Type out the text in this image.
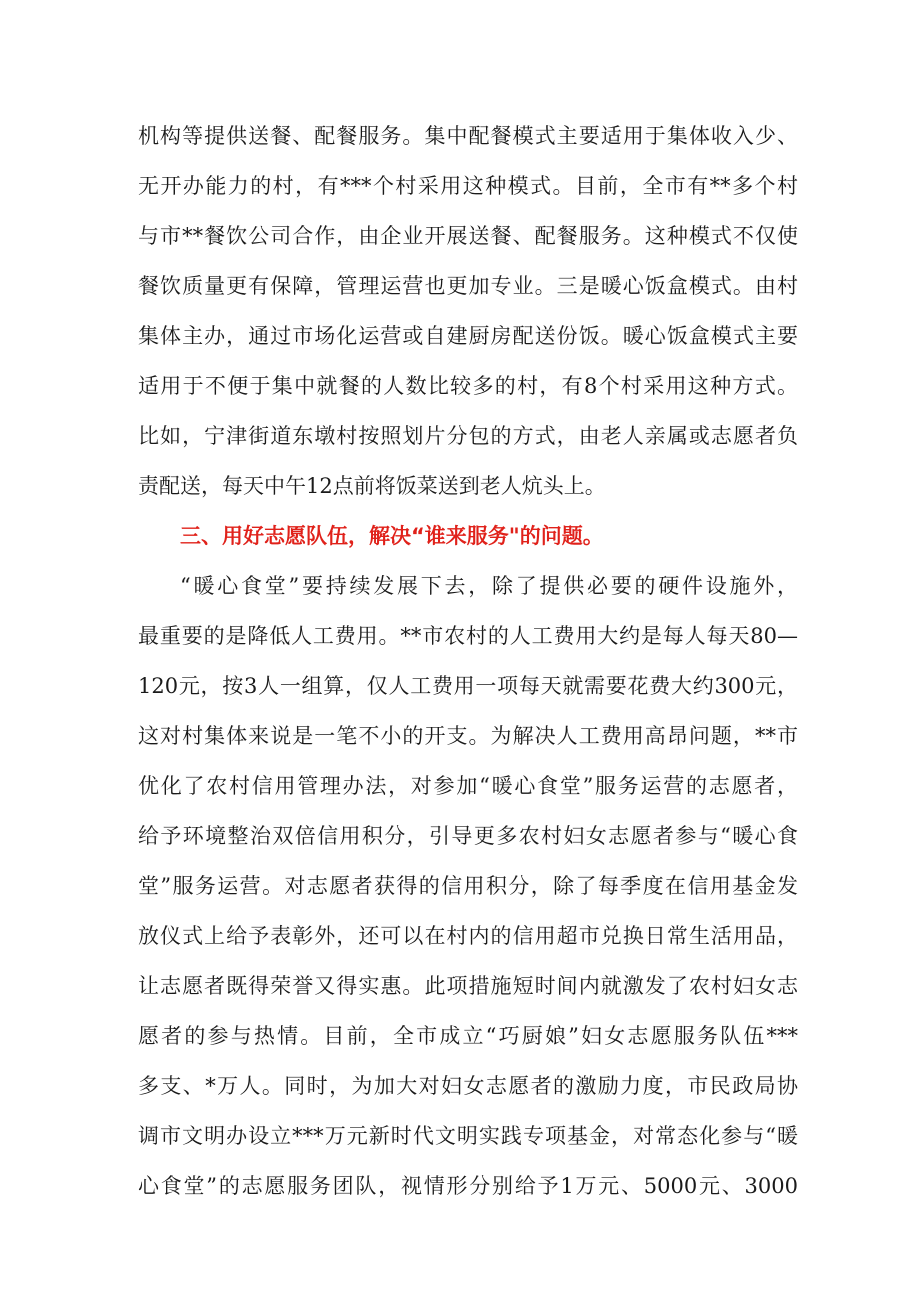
机构等提供送餐、配餐服务。集中配餐模式主要适用于集体收入少、
无开办能力的村，有***个村采用这种模式。目前，全市有**多个村
与市**餐饮公司合作，由企业开展送餐、配餐服务。这种模式不仅使
餐饮质量更有保障，管理运营也更加专业。三是暖心饭盒模式。由村
集体主办，通过市场化运营或自建厨房配送份饭。暖心饭盒模式主要
适用于不便于集中就餐的人数比较多的村，有8个村采用这种方式。
比如，宁津街道东墩村按照划片分包的方式，由老人亲属或志愿者负
责配送，每天中午12点前将饭菜送到老人炕头上。
三、用好志愿队伍，解决“谁来服务"的问题。
“暖心食堂”要持续发展下去，除了提供必要的硬件设施外，
最重要的是降低人工费用。**市农村的人工费用大约是每人每天80—
120元，按3人一组算，仅人工费用一项每天就需要花费大约300元，
这对村集体来说是一笔不小的开支。为解决人工费用高昂问题，**市
优化了农村信用管理办法，对参加“暖心食堂”服务运营的志愿者，
给予环境整治双倍信用积分，引导更多农村妇女志愿者参与“暖心食
堂”服务运营。对志愿者获得的信用积分，除了每季度在信用基金发
放仪式上给予表彰外，还可以在村内的信用超市兑换日常生活用品，
让志愿者既得荣誉又得实惠。此项措施短时间内就激发了农村妇女志
愿者的参与热情。目前，全市成立“巧厨娘”妇女志愿服务队伍***
多支、*万人。同时，为加大对妇女志愿者的激励力度，市民政局协
调市文明办设立***万元新时代文明实践专项基金，对常态化参与“暖
心食堂”的志愿服务团队，视情形分别给予1万元、5000元、3000
